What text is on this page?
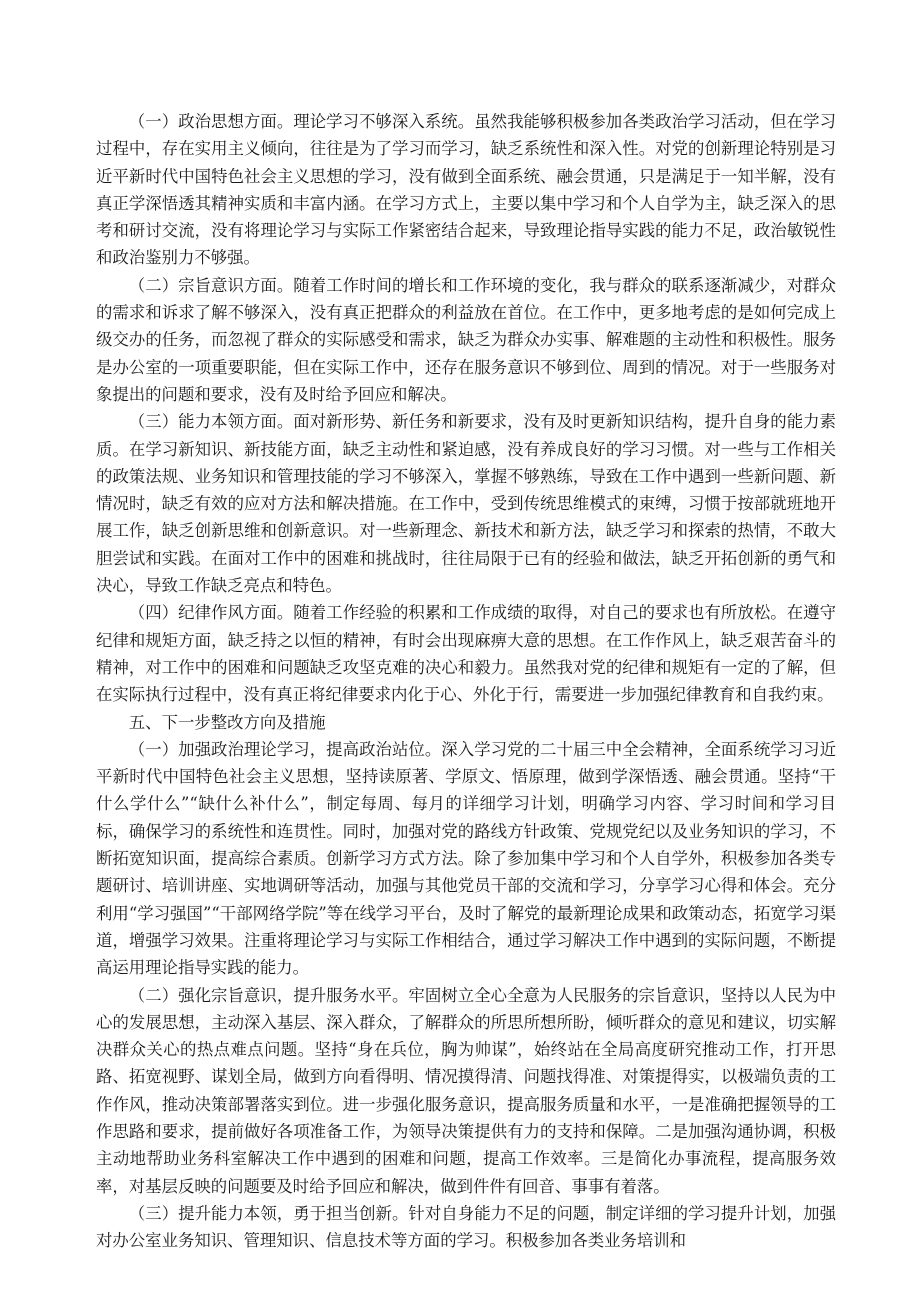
（一）政治思想方面。理论学习不够深入系统。虽然我能够积极参加各类政治学习活动，但在学习过程中，存在实用主义倾向，往往是为了学习而学习，缺乏系统性和深入性。对党的创新理论特别是习近平新时代中国特色社会主义思想的学习，没有做到全面系统、融会贯通，只是满足于一知半解，没有真正学深悟透其精神实质和丰富内涵。在学习方式上，主要以集中学习和个人自学为主，缺乏深入的思考和研讨交流，没有将理论学习与实际工作紧密结合起来，导致理论指导实践的能力不足，政治敏锐性和政治鉴别力不够强。

（二）宗旨意识方面。随着工作时间的增长和工作环境的变化，我与群众的联系逐渐减少，对群众的需求和诉求了解不够深入，没有真正把群众的利益放在首位。在工作中，更多地考虑的是如何完成上级交办的任务，而忽视了群众的实际感受和需求，缺乏为群众办实事、解难题的主动性和积极性。服务是办公室的一项重要职能，但在实际工作中，还存在服务意识不够到位、周到的情况。对于一些服务对象提出的问题和要求，没有及时给予回应和解决。

（三）能力本领方面。面对新形势、新任务和新要求，没有及时更新知识结构，提升自身的能力素质。在学习新知识、新技能方面，缺乏主动性和紧迫感，没有养成良好的学习习惯。对一些与工作相关的政策法规、业务知识和管理技能的学习不够深入，掌握不够熟练，导致在工作中遇到一些新问题、新情况时，缺乏有效的应对方法和解决措施。在工作中，受到传统思维模式的束缚，习惯于按部就班地开展工作，缺乏创新思维和创新意识。对一些新理念、新技术和新方法，缺乏学习和探索的热情，不敢大胆尝试和实践。在面对工作中的困难和挑战时，往往局限于已有的经验和做法，缺乏开拓创新的勇气和决心，导致工作缺乏亮点和特色。

（四）纪律作风方面。随着工作经验的积累和工作成绩的取得，对自己的要求也有所放松。在遵守纪律和规矩方面，缺乏持之以恒的精神，有时会出现麻痹大意的思想。在工作作风上，缺乏艰苦奋斗的精神，对工作中的困难和问题缺乏攻坚克难的决心和毅力。虽然我对党的纪律和规矩有一定的了解，但在实际执行过程中，没有真正将纪律要求内化于心、外化于行，需要进一步加强纪律教育和自我约束。

五、下一步整改方向及措施

（一）加强政治理论学习，提高政治站位。深入学习党的二十届三中全会精神，全面系统学习习近平新时代中国特色社会主义思想，坚持读原著、学原文、悟原理，做到学深悟透、融会贯通。坚持“干什么学什么”“缺什么补什么”，制定每周、每月的详细学习计划，明确学习内容、学习时间和学习目标，确保学习的系统性和连贯性。同时，加强对党的路线方针政策、党规党纪以及业务知识的学习，不断拓宽知识面，提高综合素质。创新学习方式方法。除了参加集中学习和个人自学外，积极参加各类专题研讨、培训讲座、实地调研等活动，加强与其他党员干部的交流和学习，分享学习心得和体会。充分利用“学习强国”“干部网络学院”等在线学习平台，及时了解党的最新理论成果和政策动态，拓宽学习渠道，增强学习效果。注重将理论学习与实际工作相结合，通过学习解决工作中遇到的实际问题，不断提高运用理论指导实践的能力。

（二）强化宗旨意识，提升服务水平。牢固树立全心全意为人民服务的宗旨意识，坚持以人民为中心的发展思想，主动深入基层、深入群众，了解群众的所思所想所盼，倾听群众的意见和建议，切实解决群众关心的热点难点问题。坚持“身在兵位，胸为帅谋”，始终站在全局高度研究推动工作，打开思路、拓宽视野、谋划全局，做到方向看得明、情况摸得清、问题找得准、对策提得实，以极端负责的工作作风，推动决策部署落实到位。进一步强化服务意识，提高服务质量和水平，一是准确把握领导的工作思路和要求，提前做好各项准备工作，为领导决策提供有力的支持和保障。二是加强沟通协调，积极主动地帮助业务科室解决工作中遇到的困难和问题，提高工作效率。三是简化办事流程，提高服务效率，对基层反映的问题要及时给予回应和解决，做到件件有回音、事事有着落。

（三）提升能力本领，勇于担当创新。针对自身能力不足的问题，制定详细的学习提升计划，加强对办公室业务知识、管理知识、信息技术等方面的学习。积极参加各类业务培训和
